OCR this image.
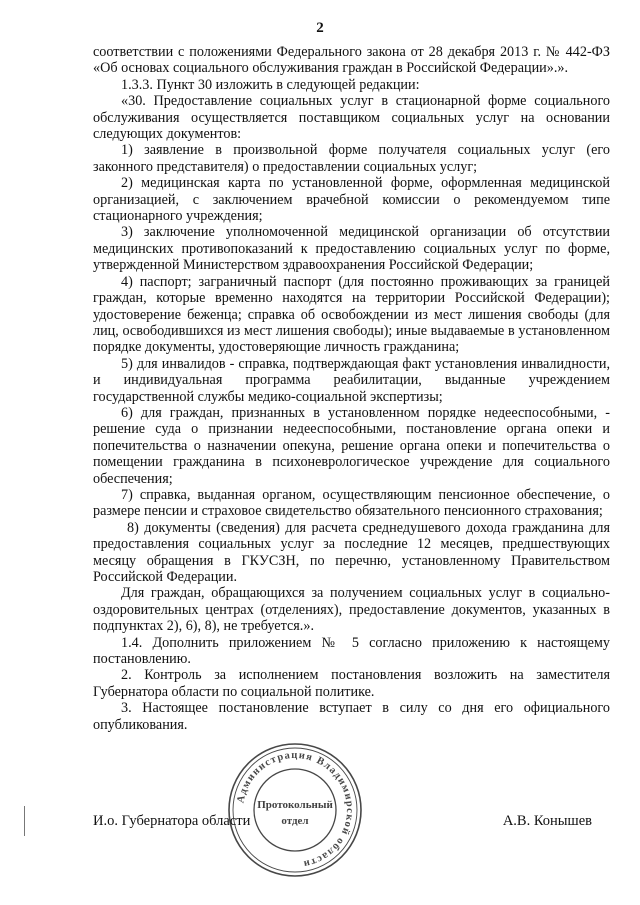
2

соответствии с положениями Федерального закона от 28 декабря 2013 г. № 442-ФЗ «Об основах социального обслуживания граждан в Российской Федерации».».

1.3.3. Пункт 30 изложить в следующей редакции:

«30. Предоставление социальных услуг в стационарной форме социального обслуживания осуществляется поставщиком социальных услуг на основании следующих документов:

1) заявление в произвольной форме получателя социальных услуг (его законного представителя) о предоставлении социальных услуг;

2) медицинская карта по установленной форме, оформленная медицинской организацией, с заключением врачебной комиссии о рекомендуемом типе стационарного учреждения;

3) заключение уполномоченной медицинской организации об отсутствии медицинских противопоказаний к предоставлению социальных услуг по форме, утвержденной Министерством здравоохранения Российской Федерации;

4) паспорт; заграничный паспорт (для постоянно проживающих за границей граждан, которые временно находятся на территории Российской Федерации); удостоверение беженца; справка об освобождении из мест лишения свободы (для лиц, освободившихся из мест лишения свободы); иные выдаваемые в установленном порядке документы, удостоверяющие личность гражданина;

5) для инвалидов - справка, подтверждающая факт установления инвалидности, и индивидуальная программа реабилитации, выданные учреждением государственной службы медико-социальной экспертизы;

6) для граждан, признанных в установленном порядке недееспособными, - решение суда о признании недееспособными, постановление органа опеки и попечительства о назначении опекуна, решение органа опеки и попечительства о помещении гражданина в психоневрологическое учреждение для социального обеспечения;

7) справка, выданная органом, осуществляющим пенсионное обеспечение, о размере пенсии и страховое свидетельство обязательного пенсионного страхования;

8) документы (сведения) для расчета среднедушевого дохода гражданина для предоставления социальных услуг за последние 12 месяцев, предшествующих месяцу обращения в ГКУСЗН, по перечню, установленному Правительством Российской Федерации.

Для граждан, обращающихся за получением социальных услуг в социально-оздоровительных центрах (отделениях), предоставление документов, указанных в подпунктах 2), 6), 8), не требуется.».

1.4. Дополнить приложением № 5 согласно приложению к настоящему постановлению.

2. Контроль за исполнением постановления возложить на заместителя Губернатора области по социальной политике.

3. Настоящее постановление вступает в силу со дня его официального опубликования.

И.о. Губернатора области	А.В. Конышев
Администрация Владимирской области
Протокольный
отдел
